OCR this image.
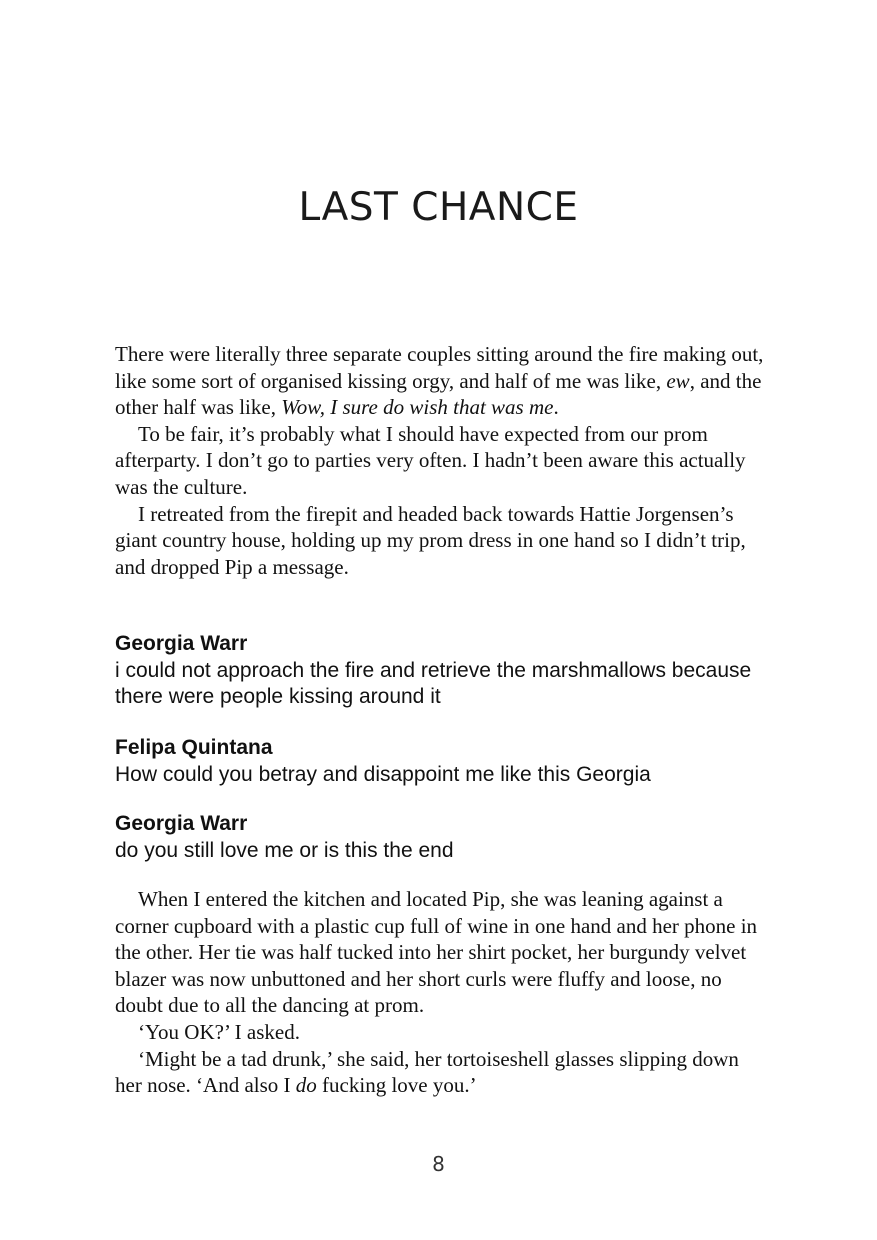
LAST CHANCE

There were literally three separate couples sitting around the fire making out, like some sort of organised kissing orgy, and half of me was like, ew, and the other half was like, Wow, I sure do wish that was me.

To be fair, it’s probably what I should have expected from our prom afterparty. I don’t go to parties very often. I hadn’t been aware this actually was the culture.

I retreated from the firepit and headed back towards Hattie Jorgensen’s giant country house, holding up my prom dress in one hand so I didn’t trip, and dropped Pip a message.

Georgia Warr
i could not approach the fire and retrieve the marshmallows because there were people kissing around it

Felipa Quintana
How could you betray and disappoint me like this Georgia

Georgia Warr
do you still love me or is this the end

When I entered the kitchen and located Pip, she was leaning against a corner cupboard with a plastic cup full of wine in one hand and her phone in the other. Her tie was half tucked into her shirt pocket, her burgundy velvet blazer was now unbuttoned and her short curls were fluffy and loose, no doubt due to all the dancing at prom.

‘You OK?’ I asked.

‘Might be a tad drunk,’ she said, her tortoiseshell glasses slipping down her nose. ‘And also I do fucking love you.’

8
